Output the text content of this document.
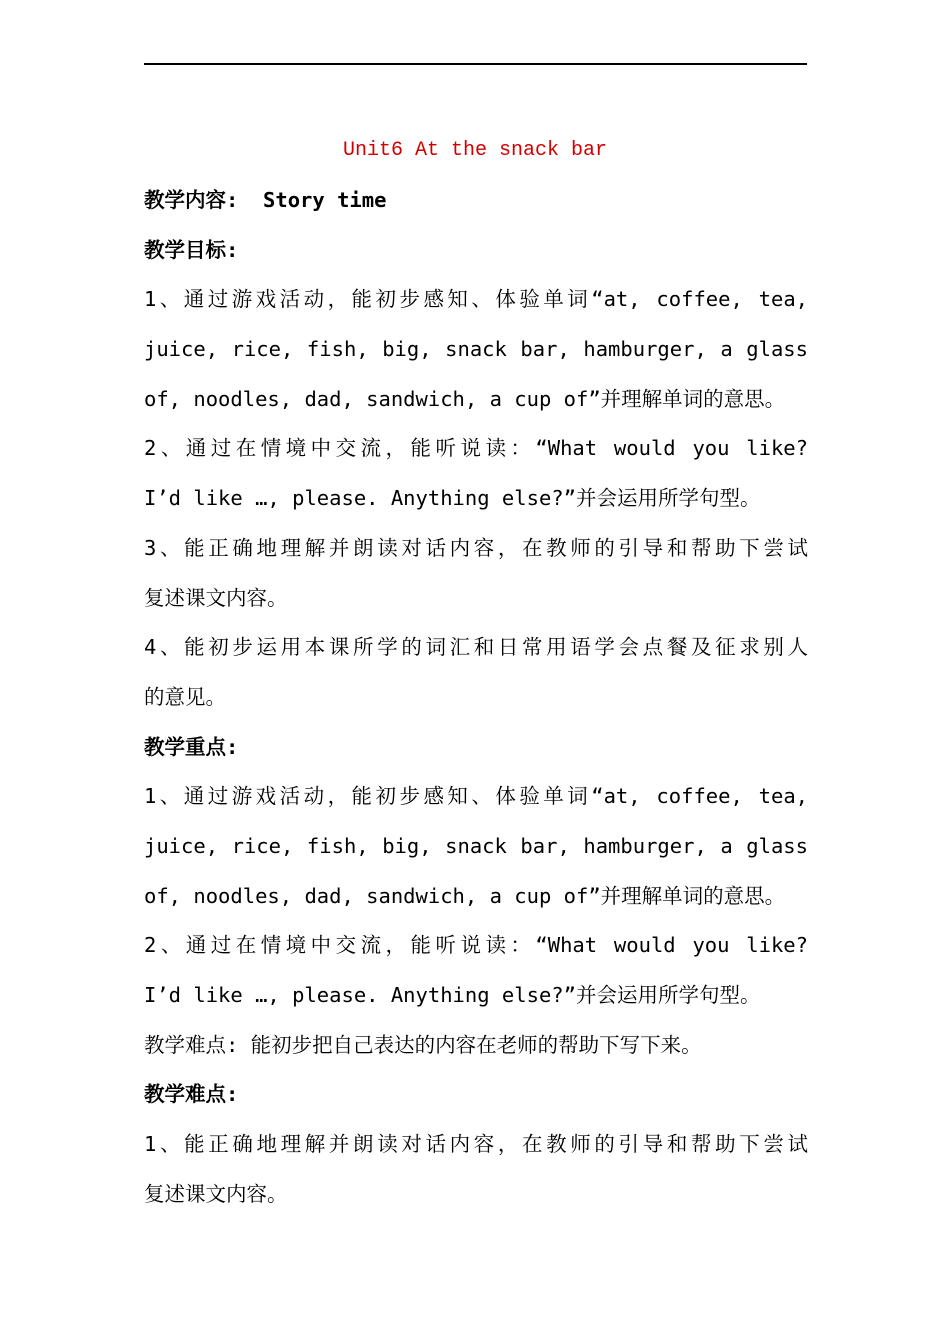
Unit6 At the snack bar
教学内容: Story time
教学目标:
1、通过游戏活动，能初步感知、体验单词“at, coffee, tea,
juice, rice, fish, big, snack bar, hamburger, a glass
of, noodles, dad, sandwich, a cup of”并理解单词的意思。
2、通过在情境中交流，能听说读：“What would you like?
I’d like …, please. Anything else?”并会运用所学句型。
3、能正确地理解并朗读对话内容，在教师的引导和帮助下尝试
复述课文内容。
4、能初步运用本课所学的词汇和日常用语学会点餐及征求别人
的意见。
教学重点:
1、通过游戏活动，能初步感知、体验单词“at, coffee, tea,
juice, rice, fish, big, snack bar, hamburger, a glass
of, noodles, dad, sandwich, a cup of”并理解单词的意思。
2、通过在情境中交流，能听说读：“What would you like?
I’d like …, please. Anything else?”并会运用所学句型。
教学难点: 能初步把自己表达的内容在老师的帮助下写下来。
教学难点:
1、能正确地理解并朗读对话内容，在教师的引导和帮助下尝试
复述课文内容。
